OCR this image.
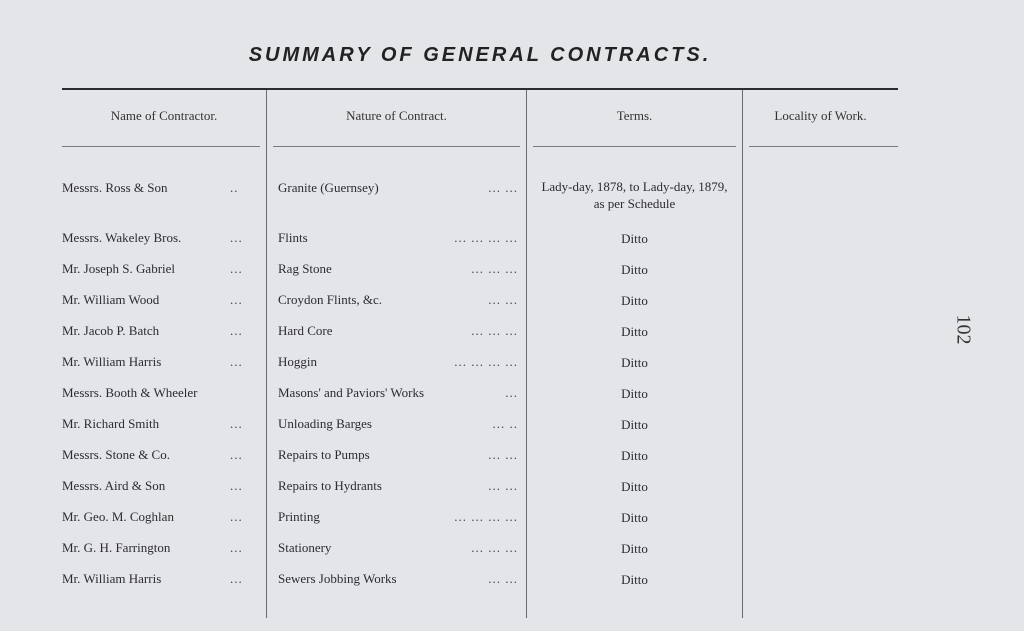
SUMMARY OF GENERAL CONTRACTS.
Name of Contractor.	Nature of Contract.	Terms.	Locality of Work.
Messrs. Ross & Son	..	Granite (Guernsey)	... ...	Lady-day, 1878, to Lady-day, 1879, as per Schedule
Messrs. Wakeley Bros.	...	Flints	... ... ... ...	Ditto
Mr. Joseph S. Gabriel	...	Rag Stone	... ... ...	Ditto
Mr. William Wood	...	Croydon Flints, &c.	... ...	Ditto
Mr. Jacob P. Batch	...	Hard Core	... ... ...	Ditto
Mr. William Harris	...	Hoggin	... ... ... ...	Ditto
Messrs. Booth & Wheeler	Masons' and Paviors' Works	...	Ditto
Mr. Richard Smith	...	Unloading Barges	... ..	Ditto
Messrs. Stone & Co.	...	Repairs to Pumps	... ...	Ditto
Messrs. Aird & Son	...	Repairs to Hydrants	... ...	Ditto
Mr. Geo. M. Coghlan	...	Printing	... ... ... ...	Ditto
Mr. G. H. Farrington	...	Stationery	... ... ...	Ditto
Mr. William Harris	...	Sewers Jobbing Works	... ...	Ditto
102
